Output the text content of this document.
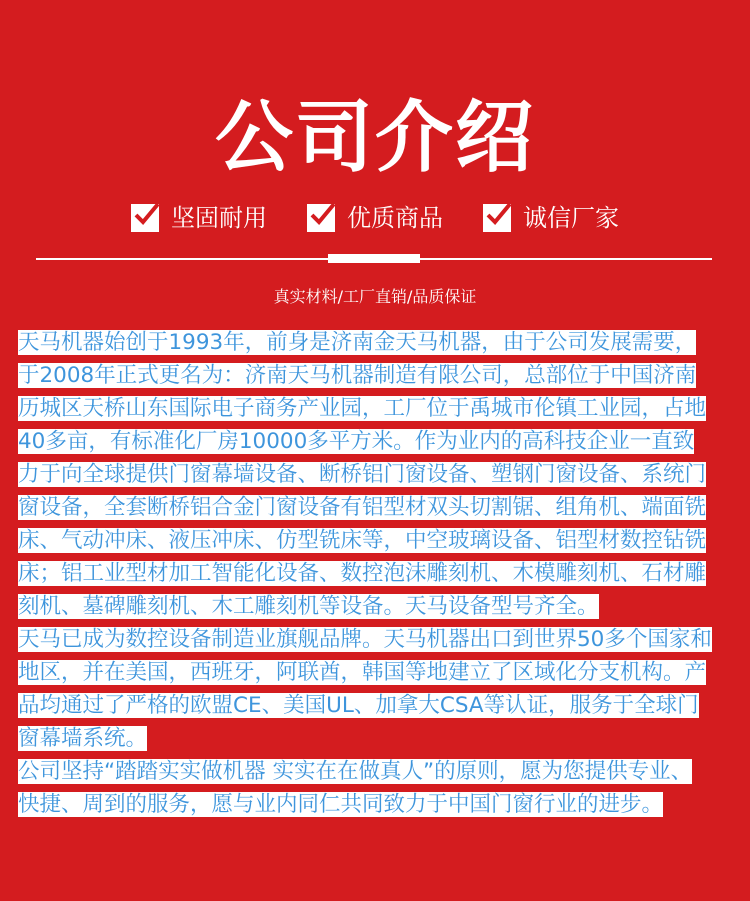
公司介绍
坚固耐用	优质商品	诚信厂家
真实材料/工厂直销/品质保证

天马机器始创于1993年，前身是济南金天马机器，由于公司发展需要，于2008年正式更名为：济南天马机器制造有限公司，总部位于中国济南历城区天桥山东国际电子商务产业园，工厂位于禹城市伦镇工业园，占地40多亩，有标准化厂房10000多平方米。作为业内的高科技企业一直致力于向全球提供门窗幕墙设备、断桥铝门窗设备、塑钢门窗设备、系统门窗设备，全套断桥铝合金门窗设备有铝型材双头切割锯、组角机、端面铣床、气动冲床、液压冲床、仿型铣床等，中空玻璃设备、铝型材数控钻铣床；铝工业型材加工智能化设备、数控泡沫雕刻机、木模雕刻机、石材雕刻机、墓碑雕刻机、木工雕刻机等设备。天马设备型号齐全。

天马已成为数控设备制造业旗舰品牌。天马机器出口到世界50多个国家和地区，并在美国，西班牙，阿联酋，韩国等地建立了区域化分支机构。产品均通过了严格的欧盟CE、美国UL、加拿大CSA等认证，服务于全球门窗幕墙系统。

公司坚持“踏踏实实做机器 实实在在做真人”的原则，愿为您提供专业、快捷、周到的服务，愿与业内同仁共同致力于中国门窗行业的进步。
